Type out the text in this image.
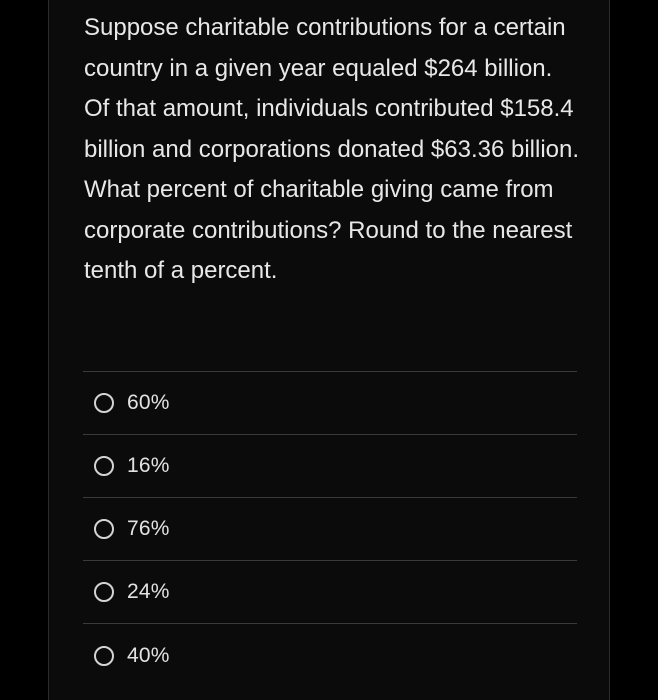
Suppose charitable contributions for a certain country in a given year equaled $264 billion. Of that amount, individuals contributed $158.4 billion and corporations donated $63.36 billion. What percent of charitable giving came from corporate contributions? Round to the nearest tenth of a percent.

60%
16%
76%
24%
40%
